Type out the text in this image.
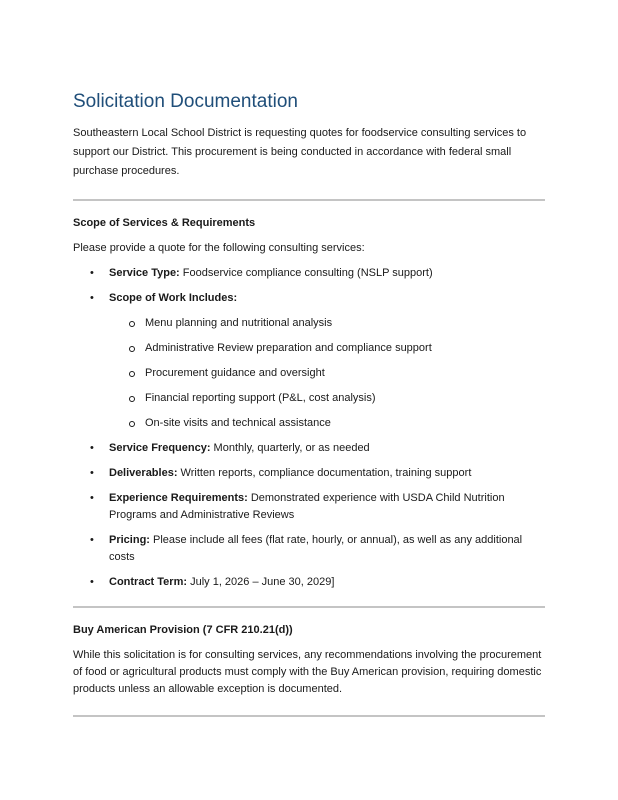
Solicitation Documentation

Southeastern Local School District is requesting quotes for foodservice consulting services to support our District. This procurement is being conducted in accordance with federal small purchase procedures.

Scope of Services & Requirements

Please provide a quote for the following consulting services:

• Service Type: Foodservice compliance consulting (NSLP support)
• Scope of Work Includes:
Menu planning and nutritional analysis
Administrative Review preparation and compliance support
Procurement guidance and oversight
Financial reporting support (P&L, cost analysis)
On-site visits and technical assistance
• Service Frequency: Monthly, quarterly, or as needed
• Deliverables: Written reports, compliance documentation, training support
• Experience Requirements: Demonstrated experience with USDA Child Nutrition Programs and Administrative Reviews
• Pricing: Please include all fees (flat rate, hourly, or annual), as well as any additional costs
• Contract Term: July 1, 2026 – June 30, 2029]
Buy American Provision (7 CFR 210.21(d))

While this solicitation is for consulting services, any recommendations involving the procurement of food or agricultural products must comply with the Buy American provision, requiring domestic products unless an allowable exception is documented.
